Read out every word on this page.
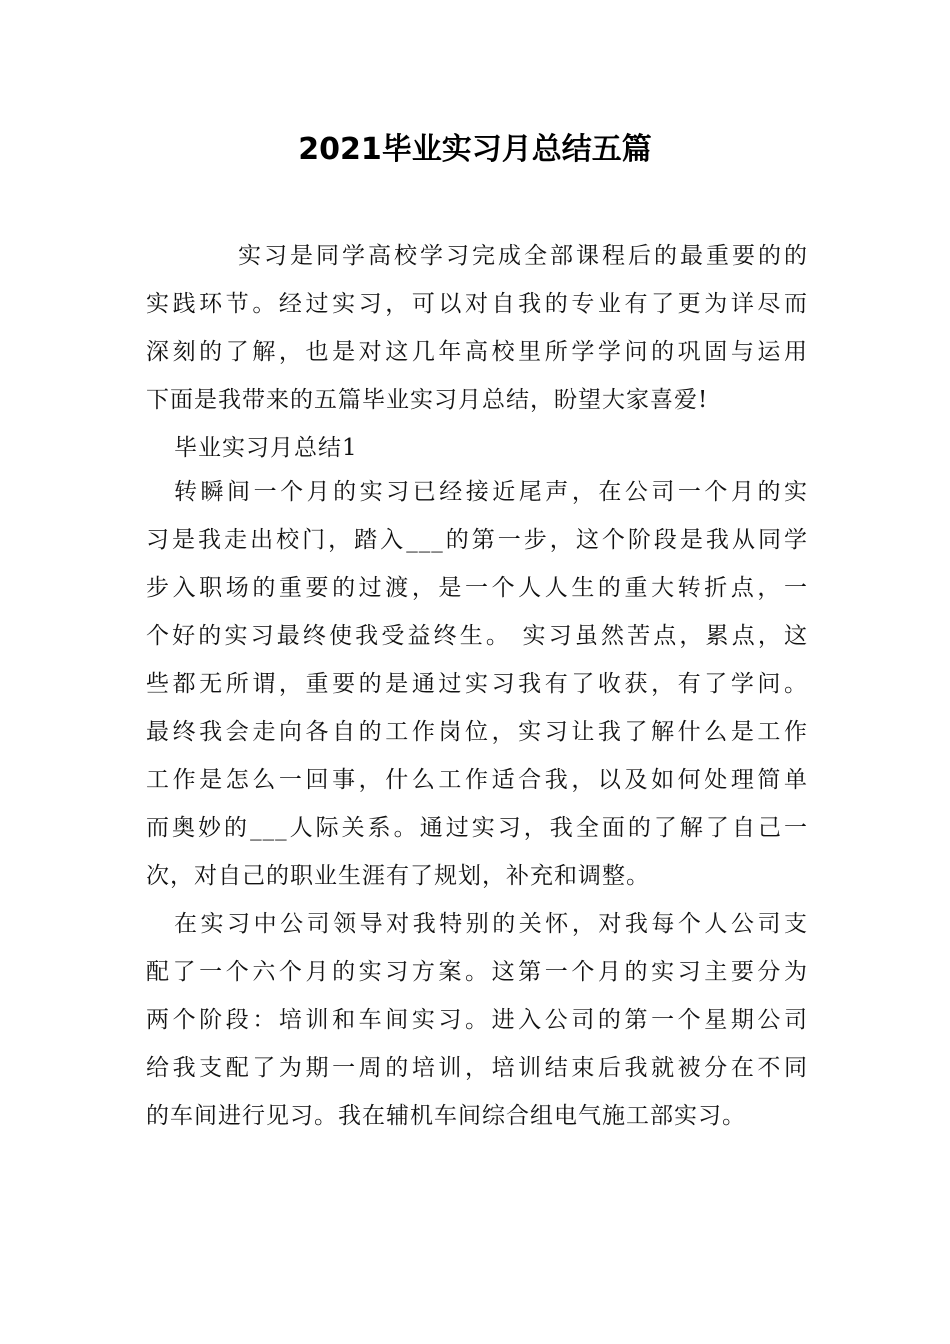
2021毕业实习月总结五篇
实习是同学高校学习完成全部课程后的最重要的的
实践环节。经过实习，可以对自我的专业有了更为详尽而
深刻的了解，也是对这几年高校里所学学问的巩固与运用
下面是我带来的五篇毕业实习月总结，盼望大家喜爱!
毕业实习月总结1
转瞬间一个月的实习已经接近尾声，在公司一个月的实
习是我走出校门，踏入___的第一步，这个阶段是我从同学
步入职场的重要的过渡，是一个人人生的重大转折点，一
个好的实习最终使我受益终生。 实习虽然苦点，累点，这
些都无所谓，重要的是通过实习我有了收获，有了学问。
最终我会走向各自的工作岗位，实习让我了解什么是工作
工作是怎么一回事，什么工作适合我，以及如何处理简单
而奥妙的___人际关系。通过实习，我全面的了解了自己一
次，对自己的职业生涯有了规划，补充和调整。
在实习中公司领导对我特别的关怀，对我每个人公司支
配了一个六个月的实习方案。这第一个月的实习主要分为
两个阶段：培训和车间实习。进入公司的第一个星期公司
给我支配了为期一周的培训，培训结束后我就被分在不同
的车间进行见习。我在辅机车间综合组电气施工部实习。
